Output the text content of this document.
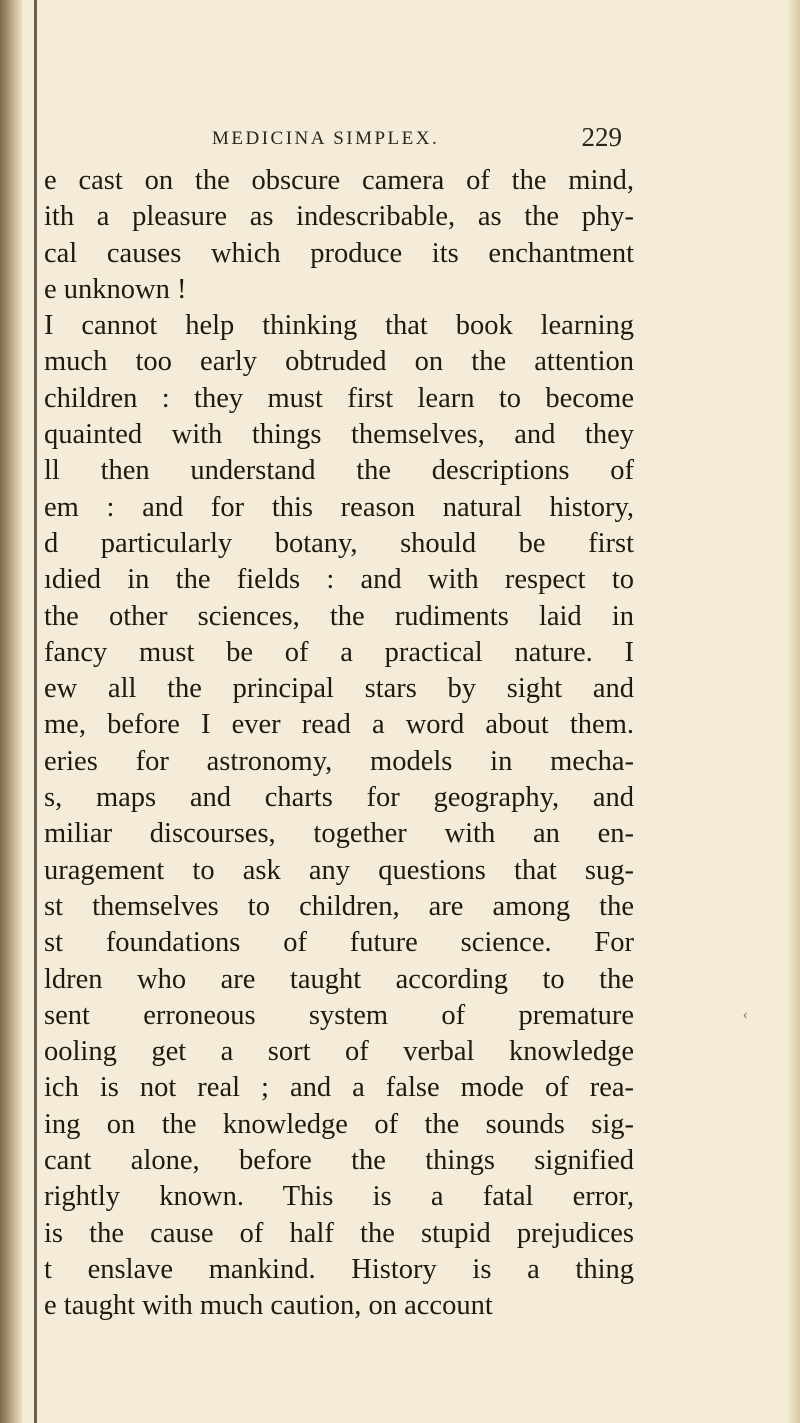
MEDICINA SIMPLEX.	229
e cast on the obscure camera of the mind,
ith a pleasure as indescribable, as the phy-
cal causes which produce its enchantment
e unknown !
I cannot help thinking that book learning
much too early obtruded on the attention
children : they must first learn to become
quainted with things themselves, and they
ll then understand the descriptions of
em : and for this reason natural history,
d particularly botany, should be first
ıdied in the fields : and with respect to
the other sciences, the rudiments laid in
fancy must be of a practical nature. I
ew all the principal stars by sight and
me, before I ever read a word about them.
eries for astronomy, models in mecha-
s, maps and charts for geography, and
miliar discourses, together with an en-
uragement to ask any questions that sug-
st themselves to children, are among the
st foundations of future science. For
ldren who are taught according to the
sent erroneous system of premature
ooling get a sort of verbal knowledge
ich is not real ; and a false mode of rea-
ing on the knowledge of the sounds sig-
cant alone, before the things signified
rightly known. This is a fatal error,
is the cause of half the stupid prejudices
t enslave mankind. History is a thing
e taught with much caution, on account
‹
